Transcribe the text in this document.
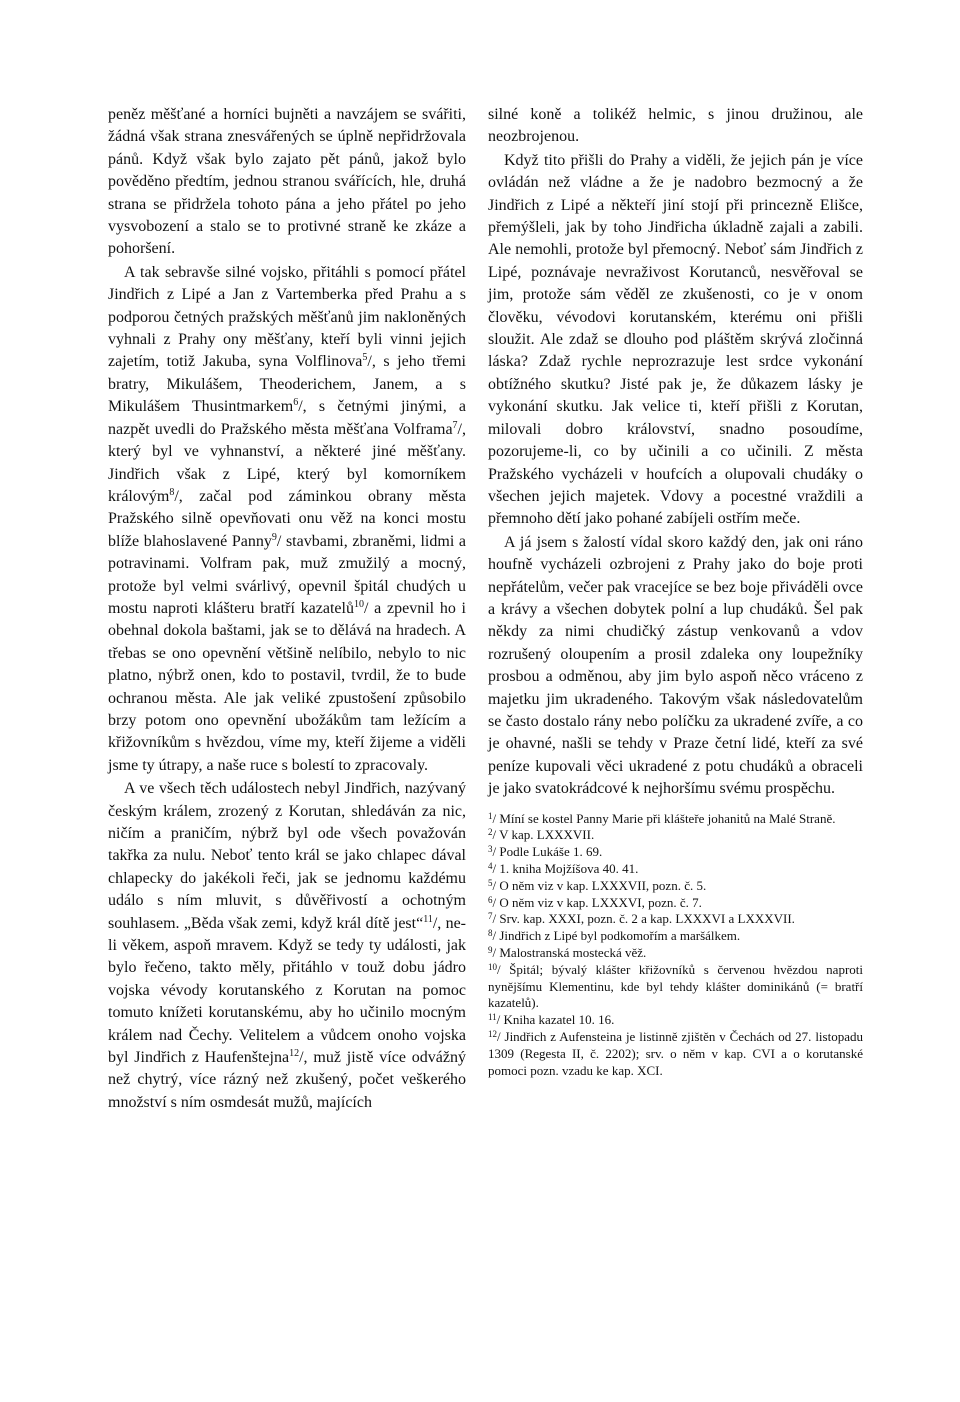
peněz měšťané a horníci bujněti a navzájem se svářiti, žádná však strana znesvářených se úplně nepřidržovala pánů. Když však bylo zajato pět pánů, jakož bylo pověděno předtím, jednou stranou svářících, hle, druhá strana se přidržela tohoto pána a jeho přátel po jeho vysvobození a stalo se to protivné straně ke zkáze a pohoršení.

A tak sebravše silné vojsko, přitáhli s pomocí přátel Jindřich z Lipé a Jan z Vartemberka před Prahu a s podporou četných pražských měšťanů jim nakloněných vyhnali z Prahy ony měšťany, kteří byli vinni jejich zajetím, totiž Jakuba, syna Volflinova$^5$/, s jeho třemi bratry, Mikulášem, Theoderichem, Janem, a s Mikulášem Thusintmarkem$^6$/, s četnými jinými, a nazpět uvedli do Pražského města měšťana Volframa$^7$/, který byl ve vyhnanství, a některé jiné měšťany. Jindřich však z Lipé, který byl komorníkem královým$^8$/, začal pod záminkou obrany města Pražského silně opevňovati onu věž na konci mostu blíže blahoslavené Panny$^9$/ stavbami, zbraněmi, lidmi a potravinami. Volfram pak, muž zmužilý a mocný, protože byl velmi svárlivý, opevnil špitál chudých u mostu naproti klášteru bratří kazatelů$^{10}$/ a zpevnil ho i obehnal dokola baštami, jak se to dělává na hradech. A třebas se ono opevnění většině nelíbilo, nebylo to nic platno, nýbrž onen, kdo to postavil, tvrdil, že to bude ochranou města. Ale jak veliké zpustošení způsobilo brzy potom ono opevnění ubožákům tam ležícím a křižovníkům s hvězdou, víme my, kteří žijeme a viděli jsme ty útrapy, a naše ruce s bolestí to zpracovaly.

A ve všech těch událostech nebyl Jindřich, nazývaný českým králem, zrozený z Korutan, shledáván za nic, ničím a praničím, nýbrž byl ode všech považován takřka za nulu. Neboť tento král se jako chlapec dával chlapecky do jakékoli řeči, jak se jednomu každému událo s ním mluvit, s důvěřivostí a ochotným souhlasem. „Běda však zemi, když král dítě jest“$^{11}$/, ne-li věkem, aspoň mravem. Když se tedy ty události, jak bylo řečeno, takto měly, přitáhlo v touž dobu jádro vojska vévody korutanského z Korutan na pomoc tomuto knížeti korutanskému, aby ho učinilo mocným králem nad Čechy. Velitelem a vůdcem onoho vojska byl Jindřich z Haufenštejna$^{12}$/, muž jistě více odvážný než chytrý, více rázný než zkušený, počet veškerého množství s ním osmdesát mužů, majících

silné koně a tolikéž helmic, s jinou družinou, ale neozbrojenou.

Když tito přišli do Prahy a viděli, že jejich pán je více ovládán než vládne a že je nadobro bezmocný a že Jindřich z Lipé a někteří jiní stojí při princezně Elišce, přemýšleli, jak by toho Jindřicha úkladně zajali a zabili. Ale nemohli, protože byl přemocný. Neboť sám Jindřich z Lipé, poznávaje nevraživost Korutanců, nesvěřoval se jim, protože sám věděl ze zkušenosti, co je v onom člověku, vévodovi korutanském, kterému oni přišli sloužit. Ale zdaž se dlouho pod pláštěm skrývá zločinná láska? Zdaž rychle neprozrazuje lest srdce vykonání obtížného skutku? Jisté pak je, že důkazem lásky je vykonání skutku. Jak velice ti, kteří přišli z Korutan, milovali dobro království, snadno posoudíme, pozorujeme-li, co by učinili a co učinili. Z města Pražského vycházeli v houfcích a olupovali chudáky o všechen jejich majetek. Vdovy a pocestné vraždili a přemnoho dětí jako pohané zabíjeli ostřím meče.

A já jsem s žalostí vídal skoro každý den, jak oni ráno houfně vycházeli ozbrojeni z Prahy jako do boje proti nepřátelům, večer pak vracejíce se bez boje přiváděli ovce a krávy a všechen dobytek polní a lup chudáků. Šel pak někdy za nimi chudičký zástup venkovanů a vdov rozrušený oloupením a prosil zdaleka ony loupežníky prosbou a odměnou, aby jim bylo aspoň něco vráceno z majetku jim ukradeného. Takovým však následovatelům se často dostalo rány nebo políčku za ukradené zvíře, a co je ohavné, našli se tehdy v Praze četní lidé, kteří za své peníze kupovali věci ukradené z potu chudáků a obraceli je jako svatokrádcové k nejhoršímu svému prospěchu.

$^1$/ Míní se kostel Panny Marie při klášteře johanitů na Malé Straně.
$^2$/ V kap. LXXXVII.
$^3$/ Podle Lukáše 1. 69.
$^4$/ 1. kniha Mojžíšova 40. 41.
$^5$/ O něm viz v kap. LXXXVII, pozn. č. 5.
$^6$/ O něm viz v kap. LXXXVI, pozn. č. 7.
$^7$/ Srv. kap. XXXI, pozn. č. 2 a kap. LXXXVI a LXXXVII.
$^8$/ Jindřich z Lipé byl podkomořím a maršálkem.
$^9$/ Malostranská mostecká věž.
$^{10}$/ Špitál; bývalý klášter křižovníků s červenou hvězdou naproti nynějšímu Klementinu, kde byl tehdy klášter dominikánů (= bratří kazatelů).
$^{11}$/ Kniha kazatel 10. 16.
$^{12}$/ Jindřich z Aufensteina je listinně zjištěn v Čechách od 27. listopadu 1309 (Regesta II, č. 2202); srv. o něm v kap. CVI a o korutanské pomoci pozn. vzadu ke kap. XCI.
